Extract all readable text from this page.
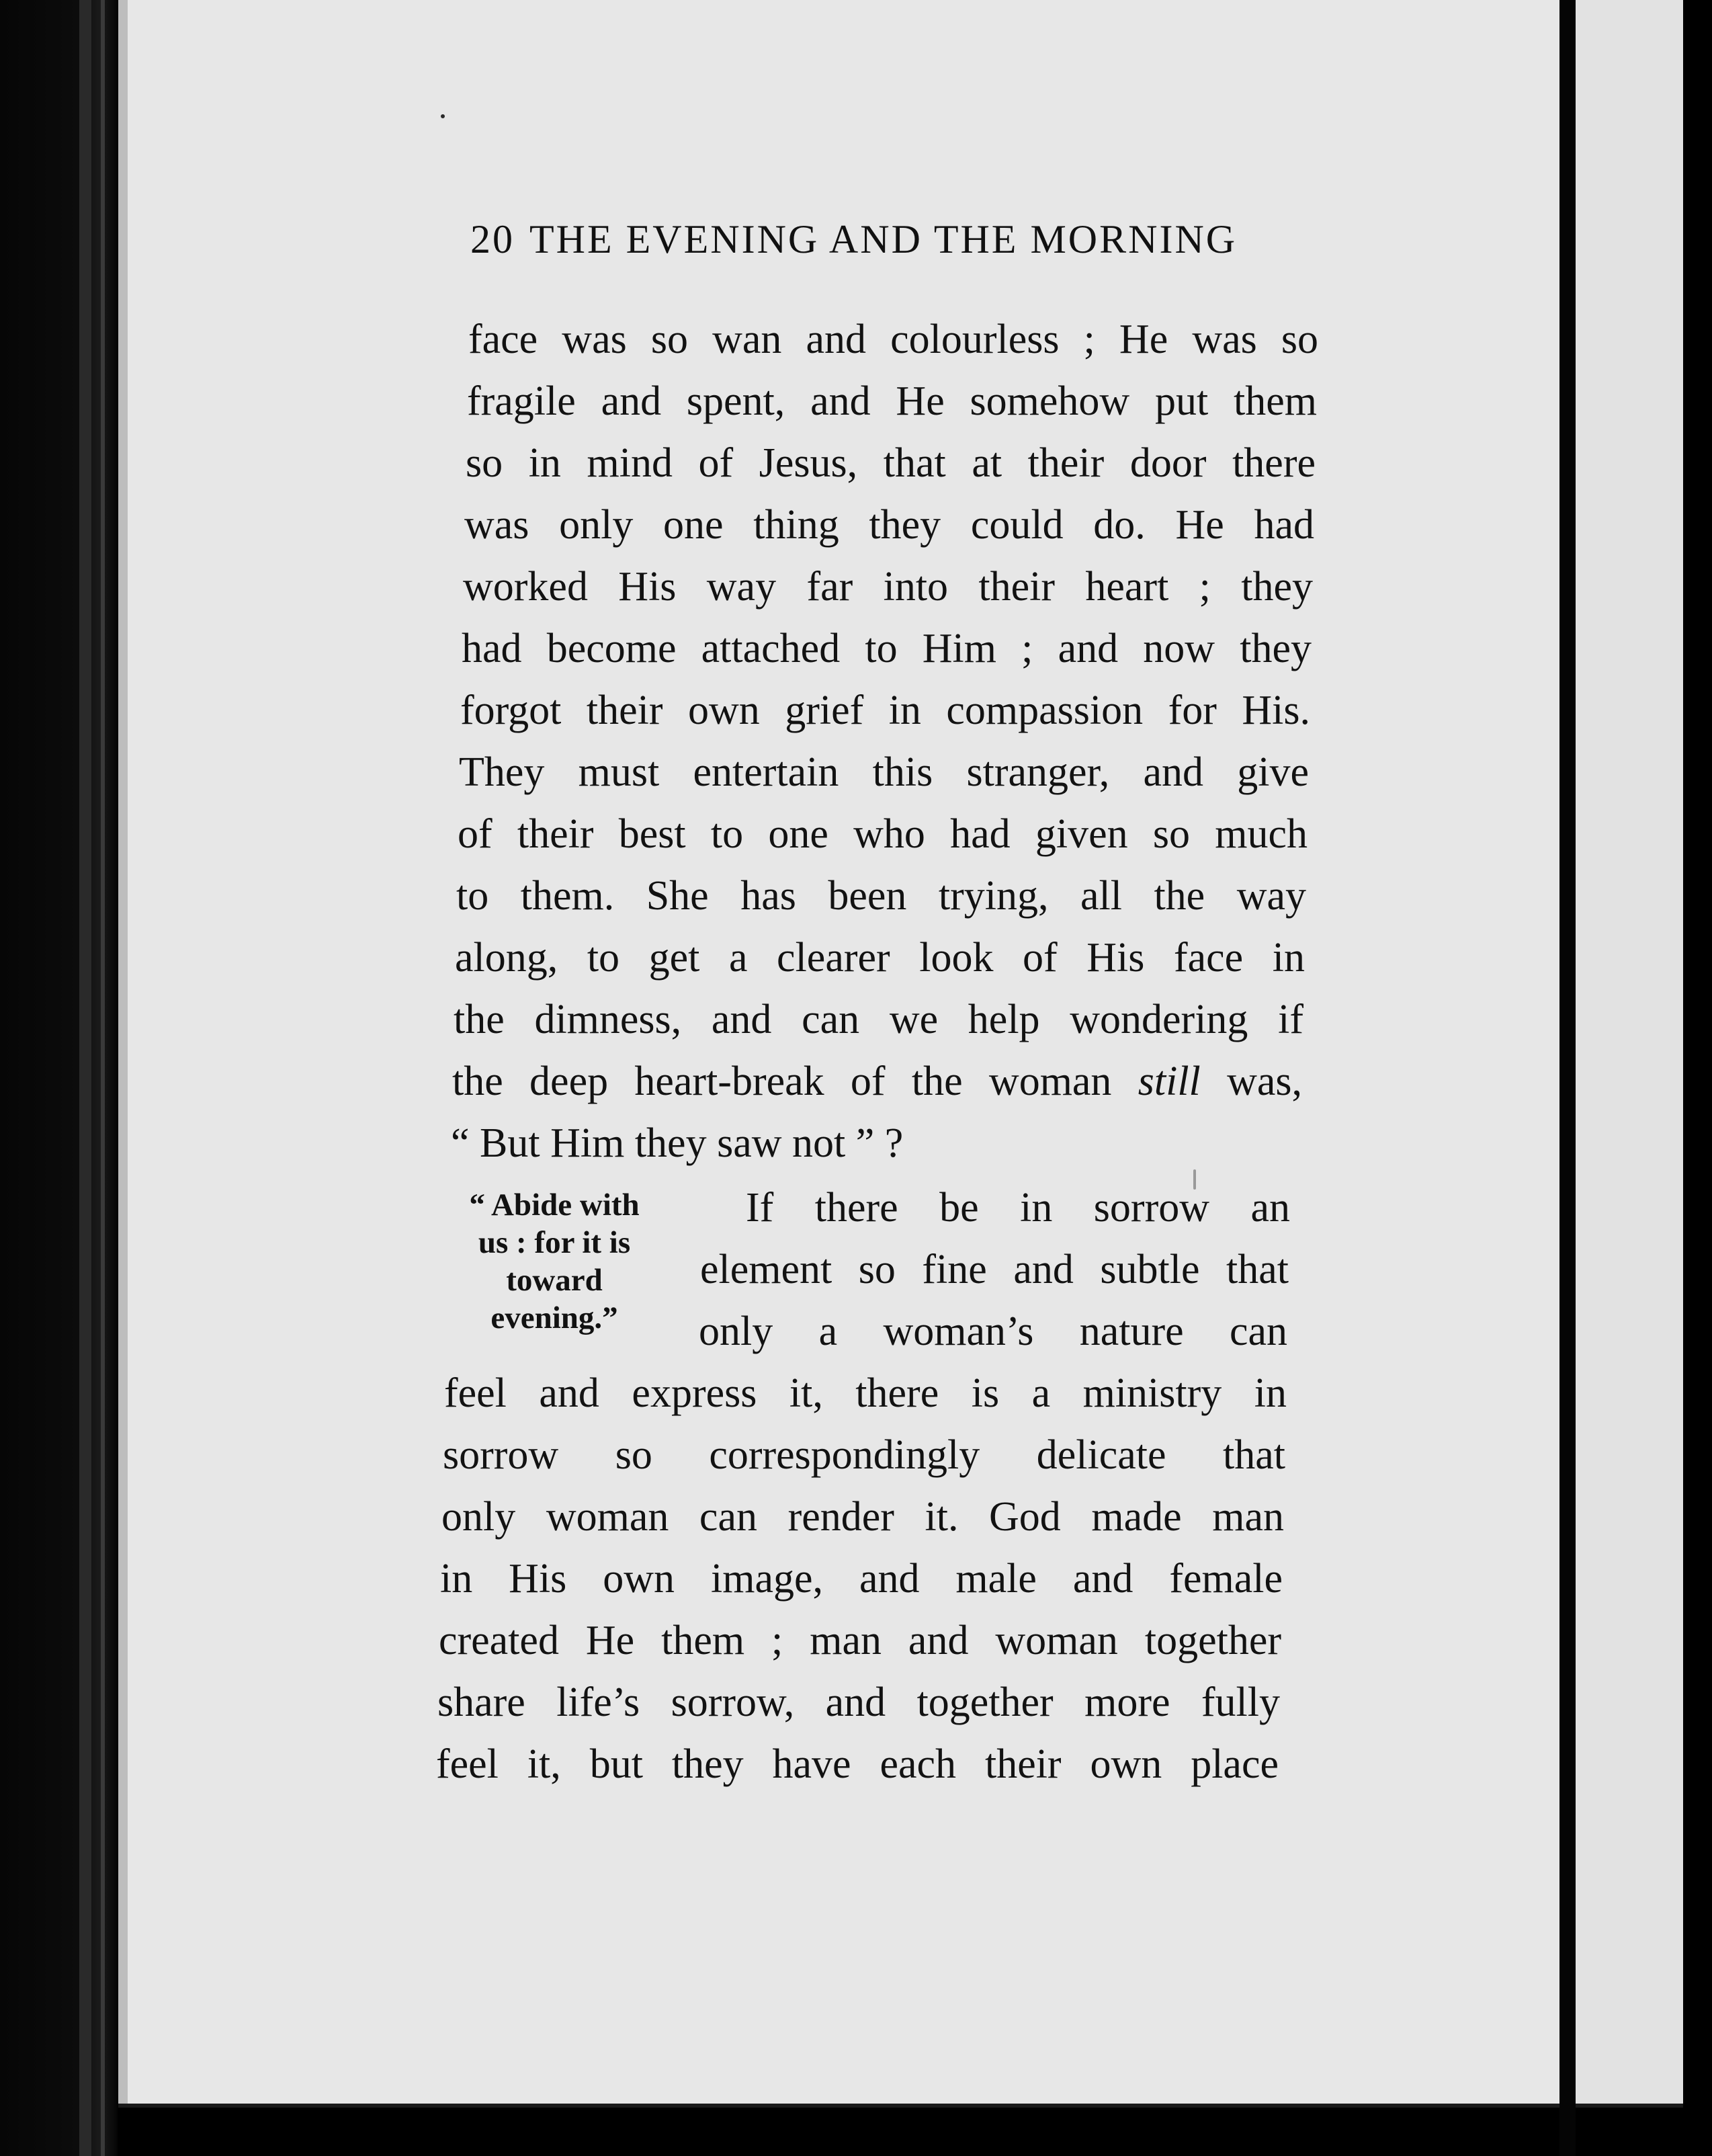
20 THE EVENING AND THE MORNING
face was so wan and colourless ; He was so
fragile and spent, and He somehow put them
so in mind of Jesus, that at their door there
was only one thing they could do. He had
worked His way far into their heart ; they
had become attached to Him ; and now they
forgot their own grief in compassion for His.
They must entertain this stranger, and give
of their best to one who had given so much
to them. She has been trying, all the way
along, to get a clearer look of His face in
the dimness, and can we help wondering if
the deep heart-break of the woman still was,
“ But Him they saw not ” ?
“ Abide with
us : for it is
toward
evening.”
If there be in sorrow an
element so fine and subtle that
only a woman’s nature can
feel and express it, there is a ministry in
sorrow so correspondingly delicate that
only woman can render it. God made man
in His own image, and male and female
created He them ; man and woman together
share life’s sorrow, and together more fully
feel it, but they have each their own place
